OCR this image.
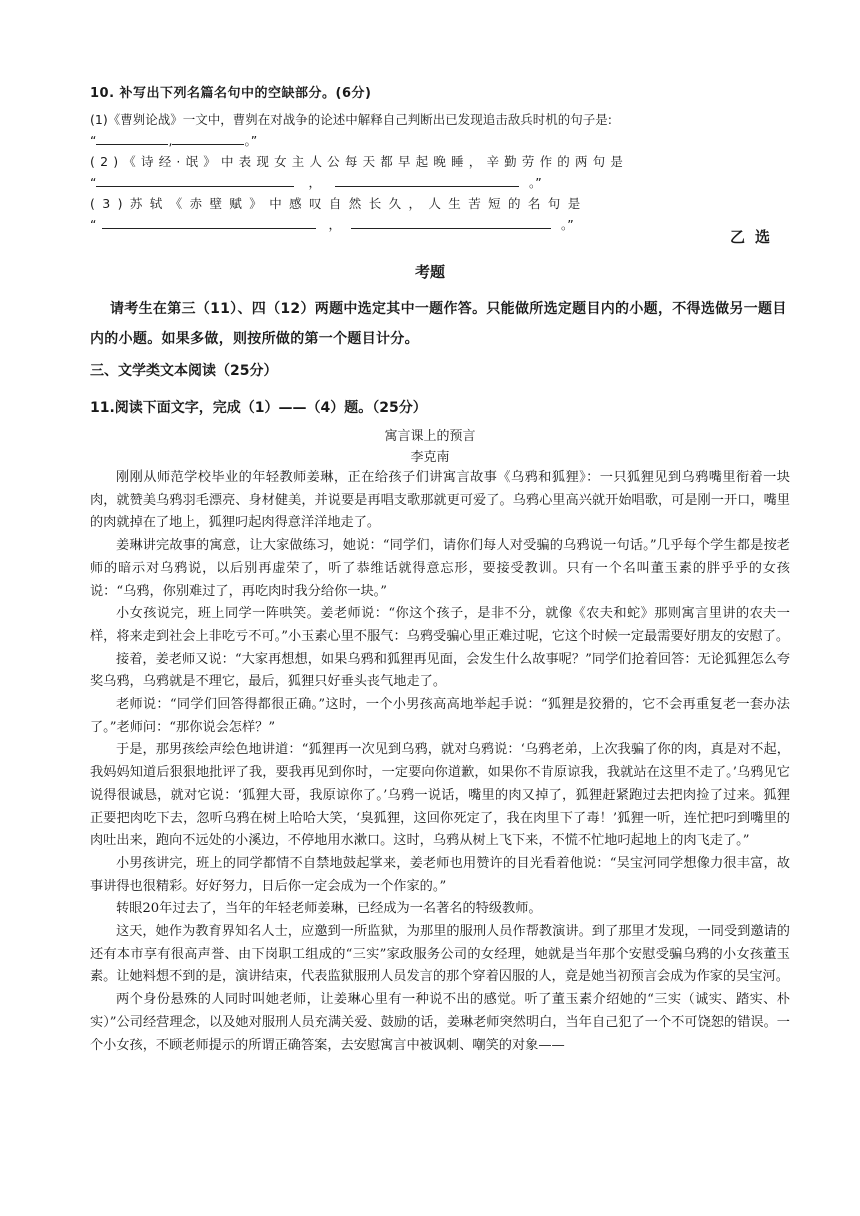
10. 补写出下列名篇名句中的空缺部分。(6分)
(1)《曹刿论战》一文中，曹刿在对战争的论述中解释自己判断出已发现追击敌兵时机的句子是:
“	,	。”
(2)《诗经·氓》中表现女主人公每天都早起晚睡，辛勤劳作的两句是
“	，	。”
(3)苏轼《赤壁赋》中感叹自然长久，人生苦短的名句是
“	，	。”
乙选
考题
请考生在第三（11）、四（12）两题中选定其中一题作答。只能做所选定题目内的小题，不得选做另一题目内的小题。如果多做，则按所做的第一个题目计分。
三、文学类文本阅读（25分）
11.阅读下面文字，完成（1）——（4）题。（25分）
寓言课上的预言
李克南

刚刚从师范学校毕业的年轻教师姜琳，正在给孩子们讲寓言故事《乌鸦和狐狸》：一只狐狸见到乌鸦嘴里衔着一块肉，就赞美乌鸦羽毛漂亮、身材健美，并说要是再唱支歌那就更可爱了。乌鸦心里高兴就开始唱歌，可是刚一开口，嘴里的肉就掉在了地上，狐狸叼起肉得意洋洋地走了。

姜琳讲完故事的寓意，让大家做练习，她说：“同学们，请你们每人对受骗的乌鸦说一句话。”几乎每个学生都是按老师的暗示对乌鸦说，以后别再虚荣了，听了恭维话就得意忘形，要接受教训。只有一个名叫董玉素的胖乎乎的女孩说：“乌鸦，你别难过了，再吃肉时我分给你一块。”

小女孩说完，班上同学一阵哄笑。姜老师说：“你这个孩子，是非不分，就像《农夫和蛇》那则寓言里讲的农夫一样，将来走到社会上非吃亏不可。”小玉素心里不服气：乌鸦受骗心里正难过呢，它这个时候一定最需要好朋友的安慰了。

接着，姜老师又说：“大家再想想，如果乌鸦和狐狸再见面，会发生什么故事呢？”同学们抢着回答：无论狐狸怎么夸奖乌鸦，乌鸦就是不理它，最后，狐狸只好垂头丧气地走了。

老师说：“同学们回答得都很正确。”这时，一个小男孩高高地举起手说：“狐狸是狡猾的，它不会再重复老一套办法了。”老师问：“那你说会怎样？”

于是，那男孩绘声绘色地讲道：“狐狸再一次见到乌鸦，就对乌鸦说：‘乌鸦老弟，上次我骗了你的肉，真是对不起，我妈妈知道后狠狠地批评了我，要我再见到你时，一定要向你道歉，如果你不肯原谅我，我就站在这里不走了。’乌鸦见它说得很诚恳，就对它说：‘狐狸大哥，我原谅你了。’乌鸦一说话，嘴里的肉又掉了，狐狸赶紧跑过去把肉捡了过来。狐狸正要把肉吃下去，忽听乌鸦在树上哈哈大笑，‘臭狐狸，这回你死定了，我在肉里下了毒！’狐狸一听，连忙把叼到嘴里的肉吐出来，跑向不远处的小溪边，不停地用水漱口。这时，乌鸦从树上飞下来，不慌不忙地叼起地上的肉飞走了。”

小男孩讲完，班上的同学都情不自禁地鼓起掌来，姜老师也用赞许的目光看着他说：“吴宝河同学想像力很丰富，故事讲得也很精彩。好好努力，日后你一定会成为一个作家的。”

转眼20年过去了，当年的年轻老师姜琳，已经成为一名著名的特级教师。

这天，她作为教育界知名人士，应邀到一所监狱，为那里的服刑人员作帮教演讲。到了那里才发现，一同受到邀请的还有本市享有很高声誉、由下岗职工组成的“三实”家政服务公司的女经理，她就是当年那个安慰受骗乌鸦的小女孩董玉素。让她料想不到的是，演讲结束，代表监狱服刑人员发言的那个穿着囚服的人，竟是她当初预言会成为作家的吴宝河。

两个身份悬殊的人同时叫她老师，让姜琳心里有一种说不出的感觉。听了董玉素介绍她的“三实（诚实、踏实、朴实）”公司经营理念，以及她对服刑人员充满关爱、鼓励的话，姜琳老师突然明白，当年自己犯了一个不可饶恕的错误。一个小女孩，不顾老师提示的所谓正确答案，去安慰寓言中被讽刺、嘲笑的对象——
